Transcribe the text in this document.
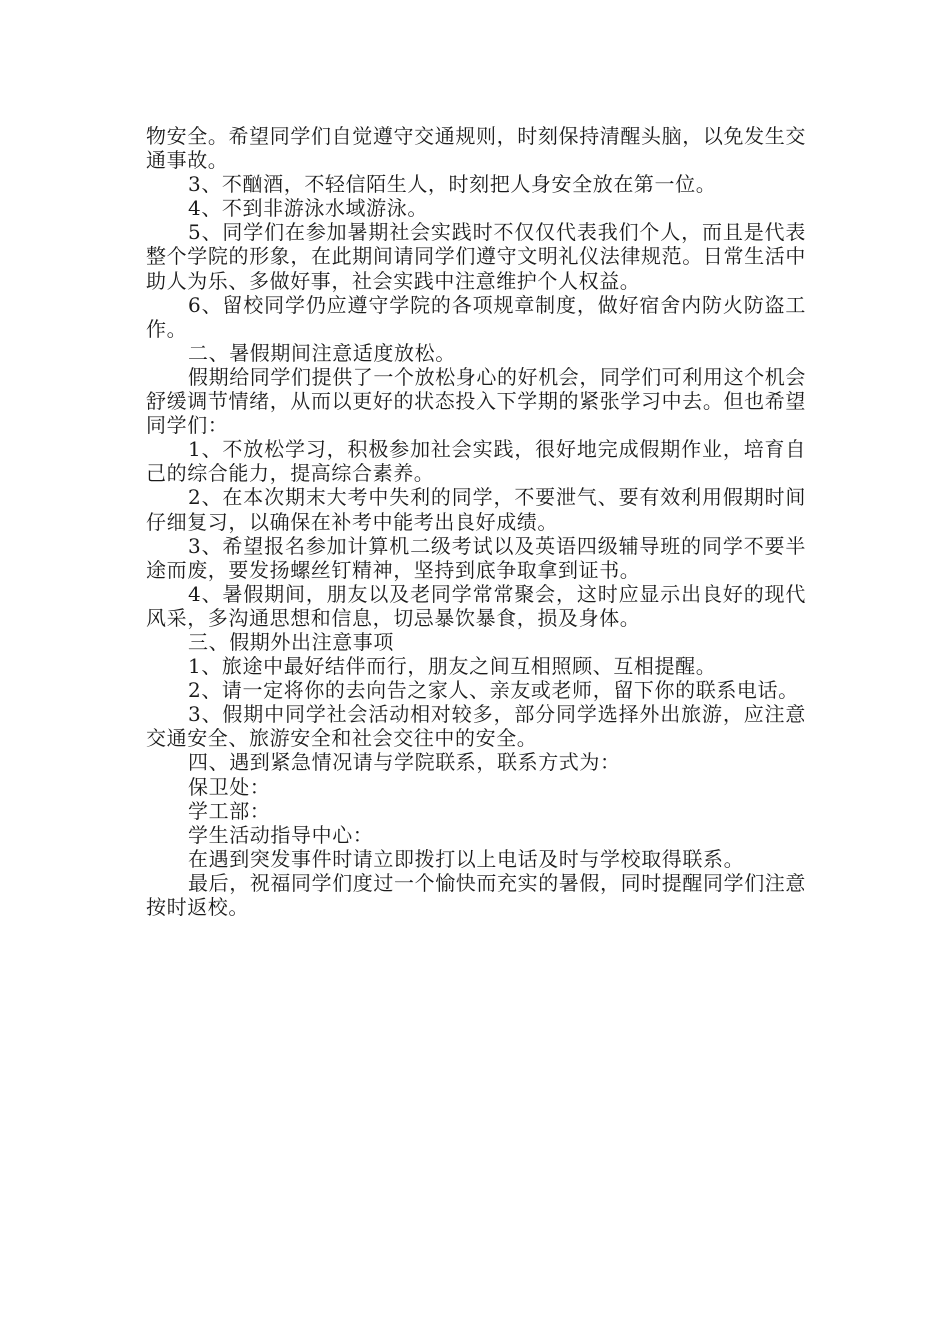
物安全。希望同学们自觉遵守交通规则，时刻保持清醒头脑，以免发生交通事故。

3、不酗酒，不轻信陌生人，时刻把人身安全放在第一位。

4、不到非游泳水域游泳。

5、同学们在参加暑期社会实践时不仅仅代表我们个人，而且是代表整个学院的形象，在此期间请同学们遵守文明礼仪法律规范。日常生活中助人为乐、多做好事，社会实践中注意维护个人权益。

6、留校同学仍应遵守学院的各项规章制度，做好宿舍内防火防盗工作。

二、暑假期间注意适度放松。

假期给同学们提供了一个放松身心的好机会，同学们可利用这个机会舒缓调节情绪，从而以更好的状态投入下学期的紧张学习中去。但也希望同学们：

1、不放松学习，积极参加社会实践，很好地完成假期作业，培育自己的综合能力，提高综合素养。

2、在本次期末大考中失利的同学，不要泄气、要有效利用假期时间仔细复习，以确保在补考中能考出良好成绩。

3、希望报名参加计算机二级考试以及英语四级辅导班的同学不要半途而废，要发扬螺丝钉精神，坚持到底争取拿到证书。

4、暑假期间，朋友以及老同学常常聚会，这时应显示出良好的现代风采，多沟通思想和信息，切忌暴饮暴食，损及身体。

三、假期外出注意事项

1、旅途中最好结伴而行，朋友之间互相照顾、互相提醒。

2、请一定将你的去向告之家人、亲友或老师，留下你的联系电话。

3、假期中同学社会活动相对较多，部分同学选择外出旅游，应注意交通安全、旅游安全和社会交往中的安全。

四、遇到紧急情况请与学院联系，联系方式为：

保卫处：

学工部：

学生活动指导中心：

在遇到突发事件时请立即拨打以上电话及时与学校取得联系。

最后，祝福同学们度过一个愉快而充实的暑假，同时提醒同学们注意按时返校。
